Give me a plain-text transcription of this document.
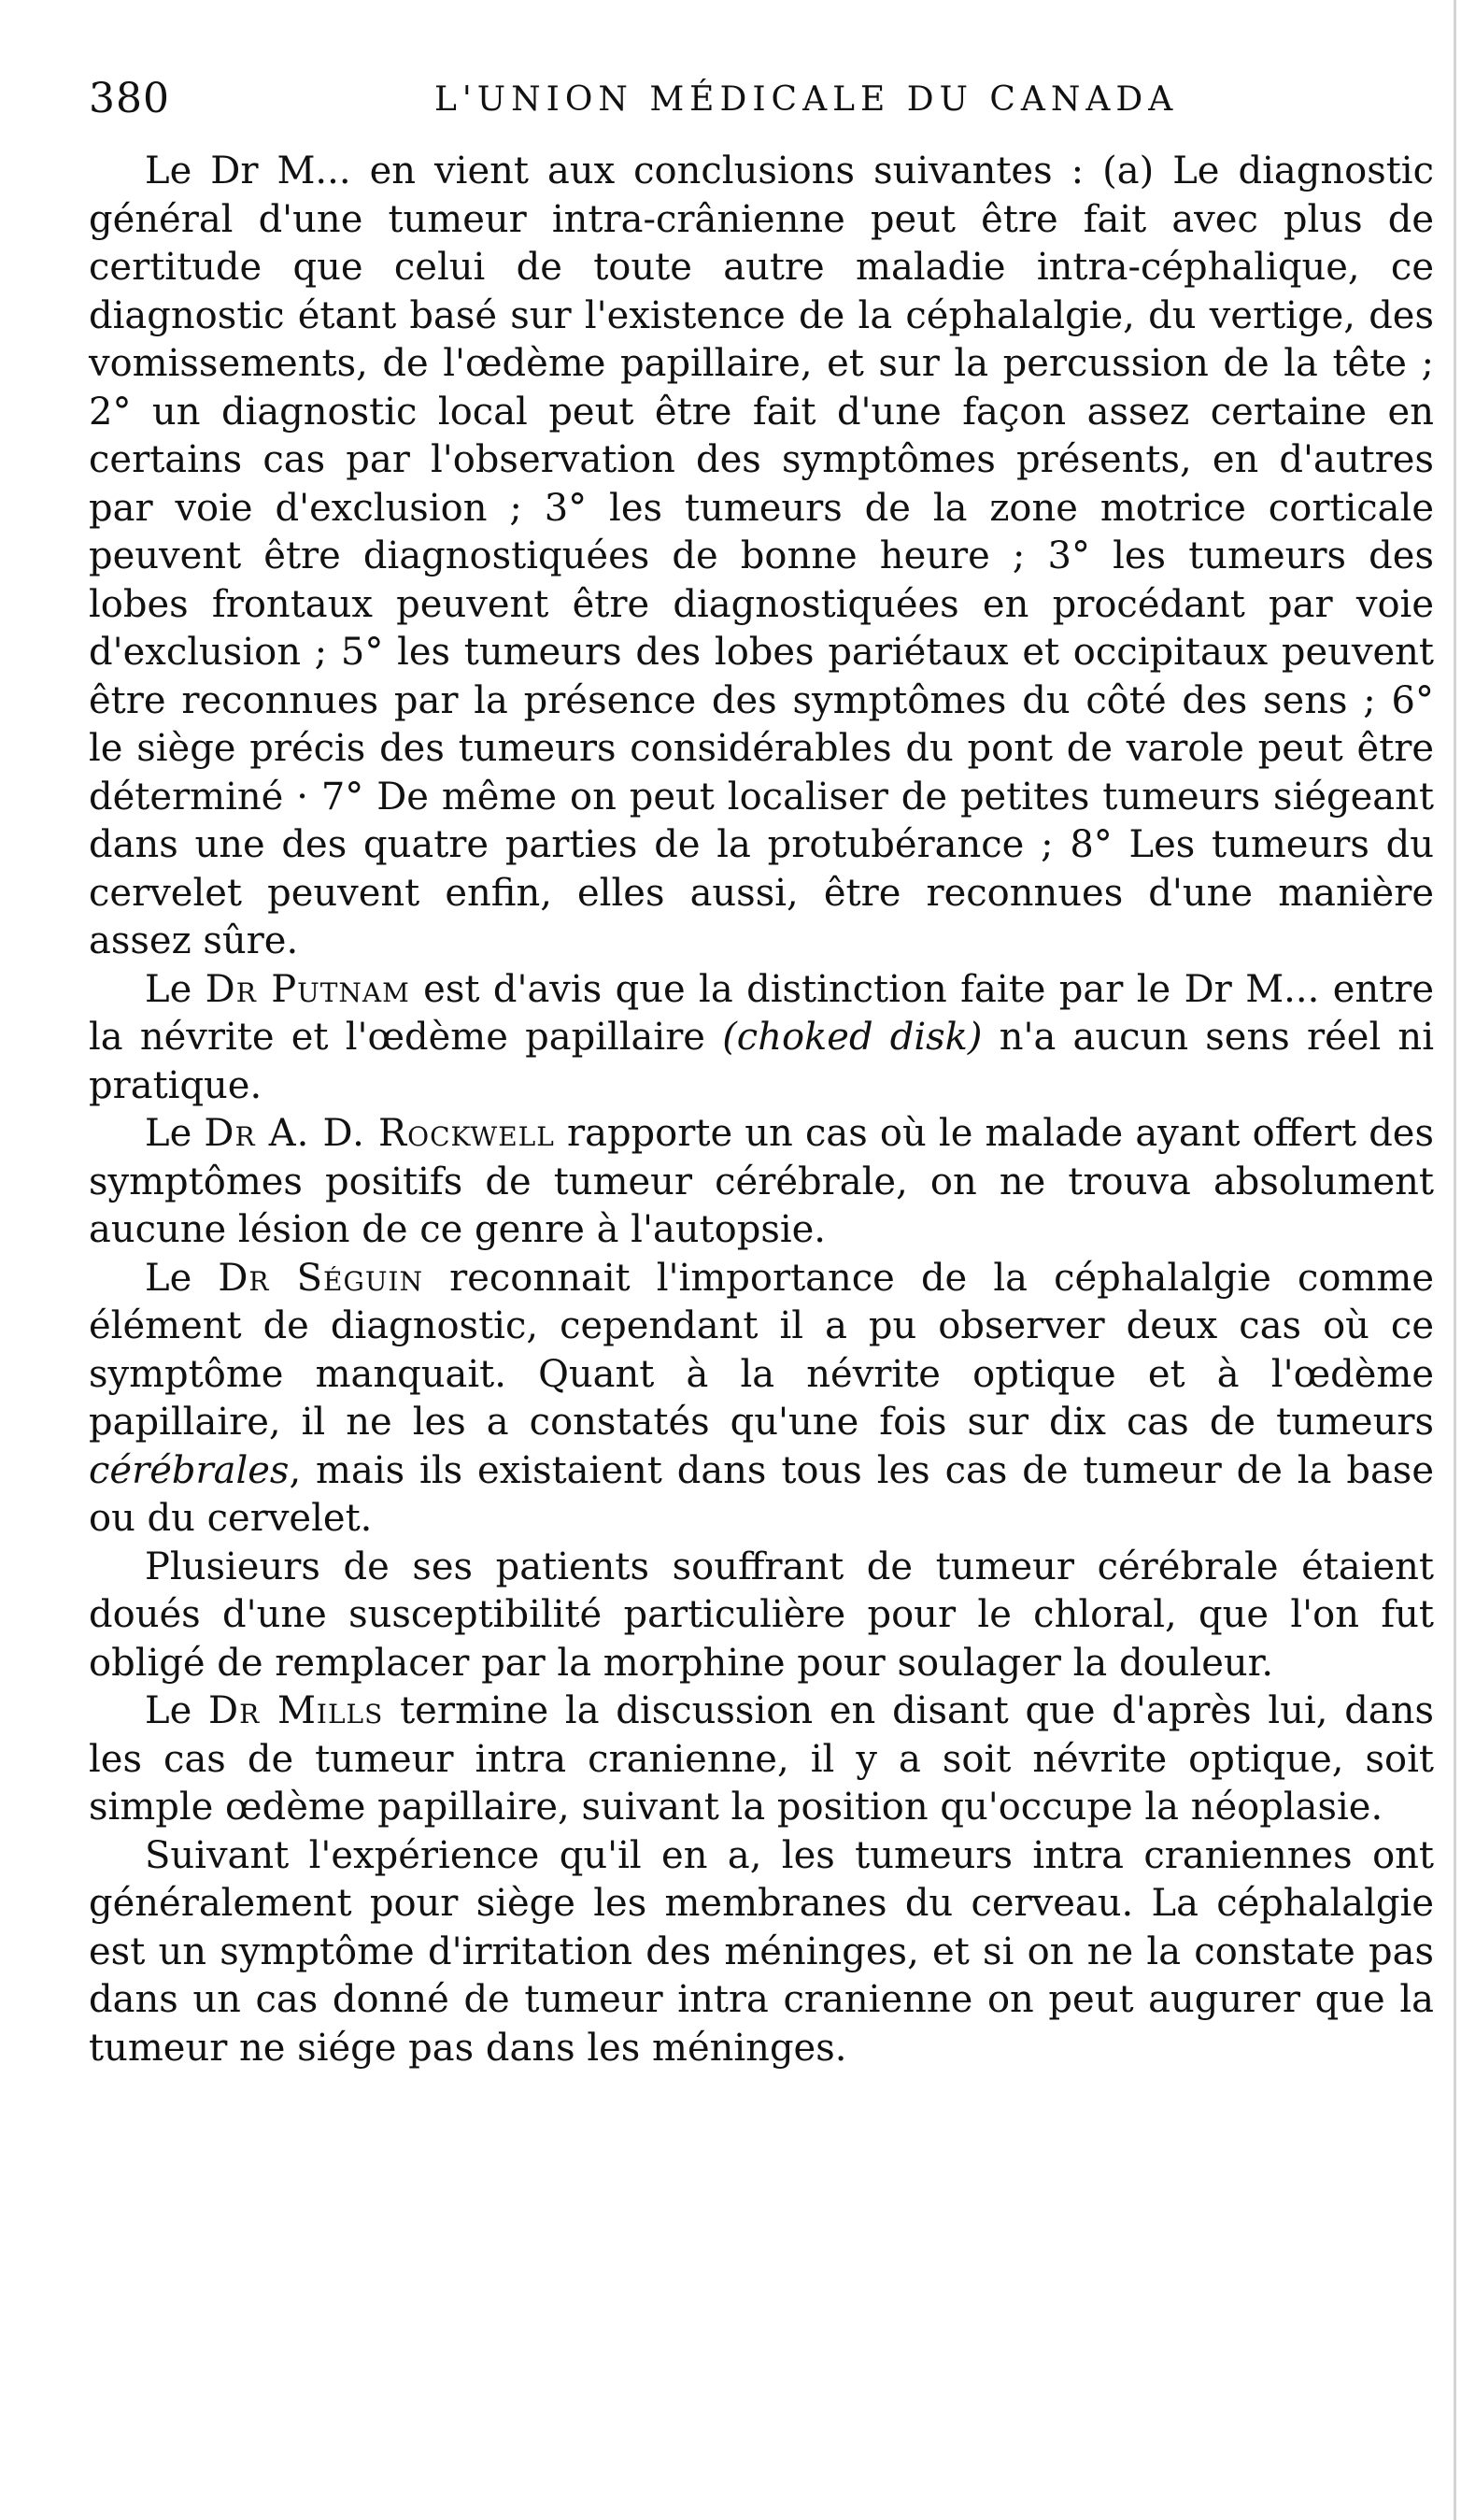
380	L'UNION MÉDICALE DU CANADA

Le Dr M... en vient aux conclusions suivantes : (a) Le diagnostic général d'une tumeur intra-crânienne peut être fait avec plus de certitude que celui de toute autre maladie intra-céphalique, ce diagnostic étant basé sur l'existence de la céphalalgie, du vertige, des vomissements, de l'œdème papillaire, et sur la percussion de la tête ; 2° un diagnostic local peut être fait d'une façon assez certaine en certains cas par l'observation des symptômes présents, en d'autres par voie d'exclusion ; 3° les tumeurs de la zone motrice corticale peuvent être diagnostiquées de bonne heure ; 3° les tumeurs des lobes frontaux peuvent être diagnostiquées en procédant par voie d'exclusion ; 5° les tumeurs des lobes pariétaux et occipitaux peuvent être reconnues par la présence des symptômes du côté des sens ; 6° le siège précis des tumeurs considérables du pont de varole peut être déterminé · 7° De même on peut localiser de petites tumeurs siégeant dans une des quatre parties de la protubérance ; 8° Les tumeurs du cervelet peuvent enfin, elles aussi, être reconnues d'une manière assez sûre.

Le Dr Putnam est d'avis que la distinction faite par le Dr M... entre la névrite et l'œdème papillaire (choked disk) n'a aucun sens réel ni pratique.

Le Dr A. D. Rockwell rapporte un cas où le malade ayant offert des symptômes positifs de tumeur cérébrale, on ne trouva absolument aucune lésion de ce genre à l'autopsie.

Le Dr Séguin reconnait l'importance de la céphalalgie comme élément de diagnostic, cependant il a pu observer deux cas où ce symptôme manquait. Quant à la névrite optique et à l'œdème papillaire, il ne les a constatés qu'une fois sur dix cas de tumeurs cérébrales, mais ils existaient dans tous les cas de tumeur de la base ou du cervelet.

Plusieurs de ses patients souffrant de tumeur cérébrale étaient doués d'une susceptibilité particulière pour le chloral, que l'on fut obligé de remplacer par la morphine pour soulager la douleur.

Le Dr Mills termine la discussion en disant que d'après lui, dans les cas de tumeur intra cranienne, il y a soit névrite optique, soit simple œdème papillaire, suivant la position qu'occupe la néoplasie.

Suivant l'expérience qu'il en a, les tumeurs intra craniennes ont généralement pour siège les membranes du cerveau. La céphalalgie est un symptôme d'irritation des méninges, et si on ne la constate pas dans un cas donné de tumeur intra cranienne on peut augurer que la tumeur ne siége pas dans les méninges.
